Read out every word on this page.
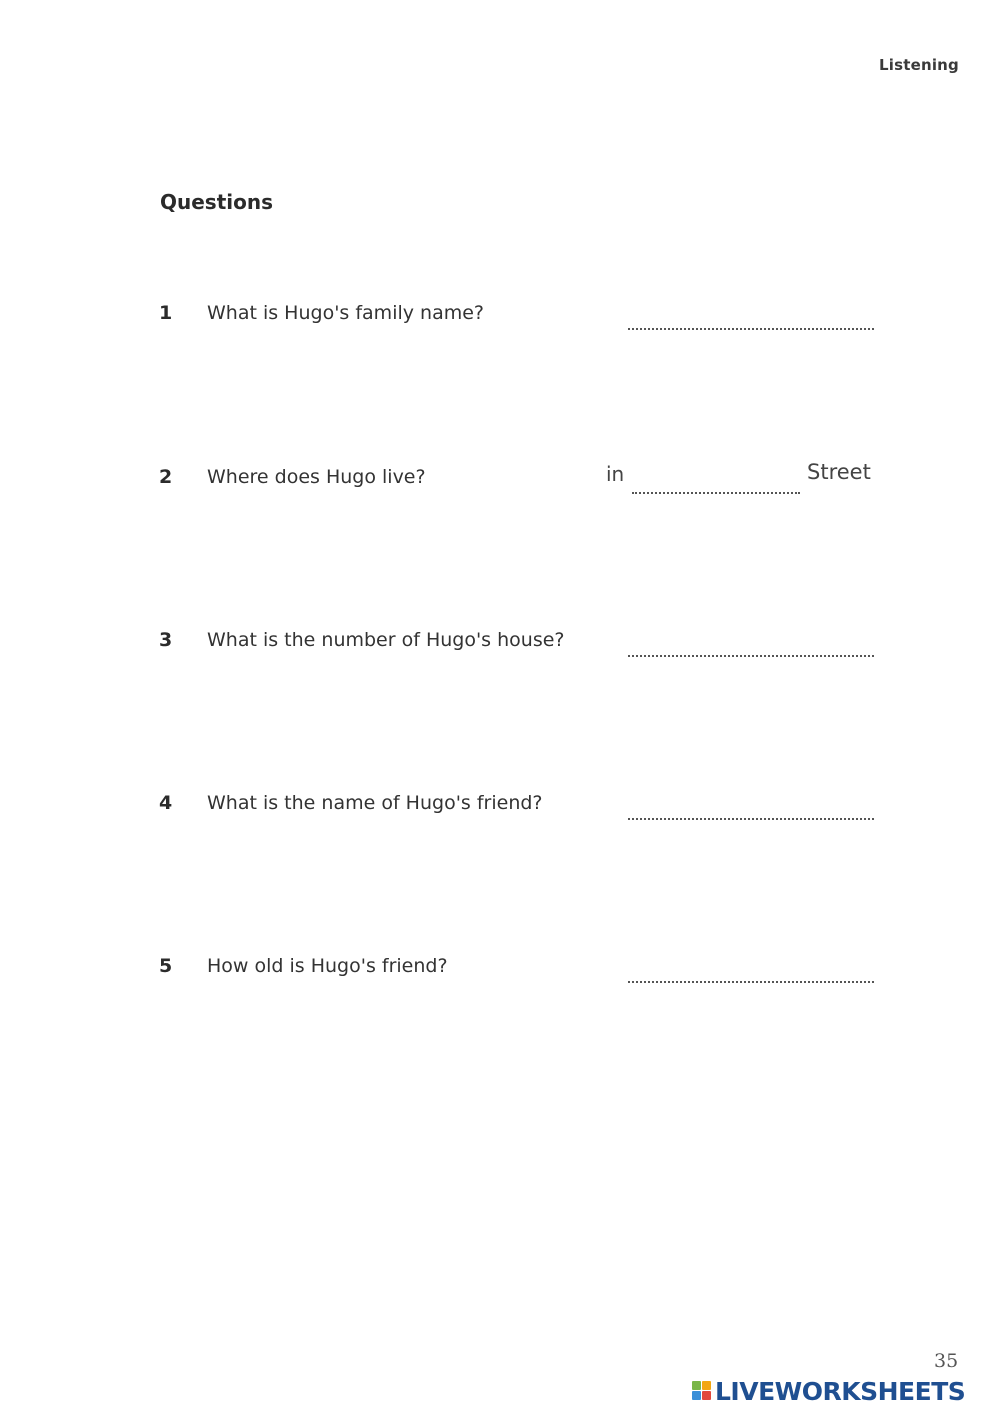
Listening
Questions
1 What is Hugo's family name?
2 Where does Hugo live?	in	Street
3 What is the number of Hugo's house?
4 What is the name of Hugo's friend?
5 How old is Hugo's friend?
35
LIVEWORKSHEETS
